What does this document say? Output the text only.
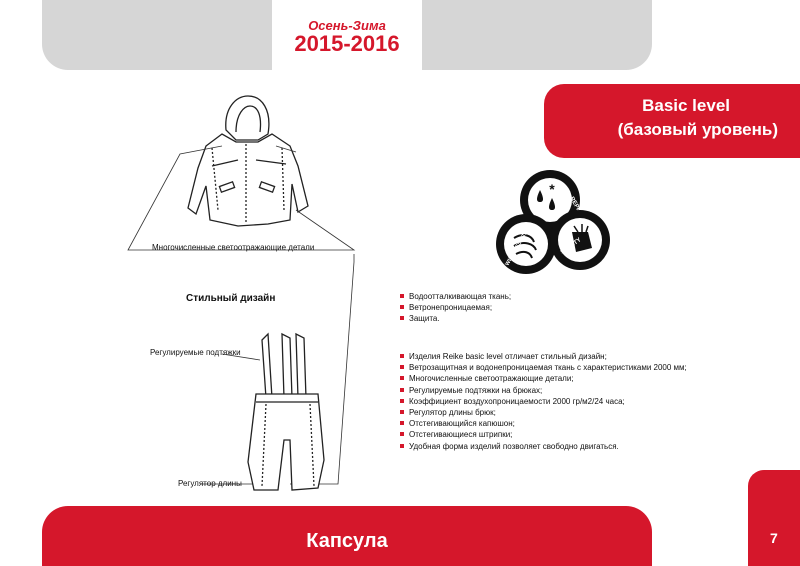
Осень-Зима
2015-2016
Basic level
(базовый уровень)
*
WIND RESISTANT	SAFETY
Многочисленные светоотражающие детали
Стильный дизайн
Регулируемые подтяжки
Регулятор длины
Водоотталкивающая ткань;
Ветронепроницаемая;
Защита.
Изделия Reike basic level отличает стильный дизайн;
Ветрозащитная и водонепроницаемая ткань с характеристиками 2000 мм;
Многочисленные светоотражающие детали;
Регулируемые подтяжки на брюках;
Коэффициент воздухопроницаемости 2000 гр/м2/24 часа;
Регулятор длины брюк;
Отстегивающийся капюшон;
Отстегивающиеся штрипки;
Удобная форма изделий позволяет свободно двигаться.
Капсула	7
